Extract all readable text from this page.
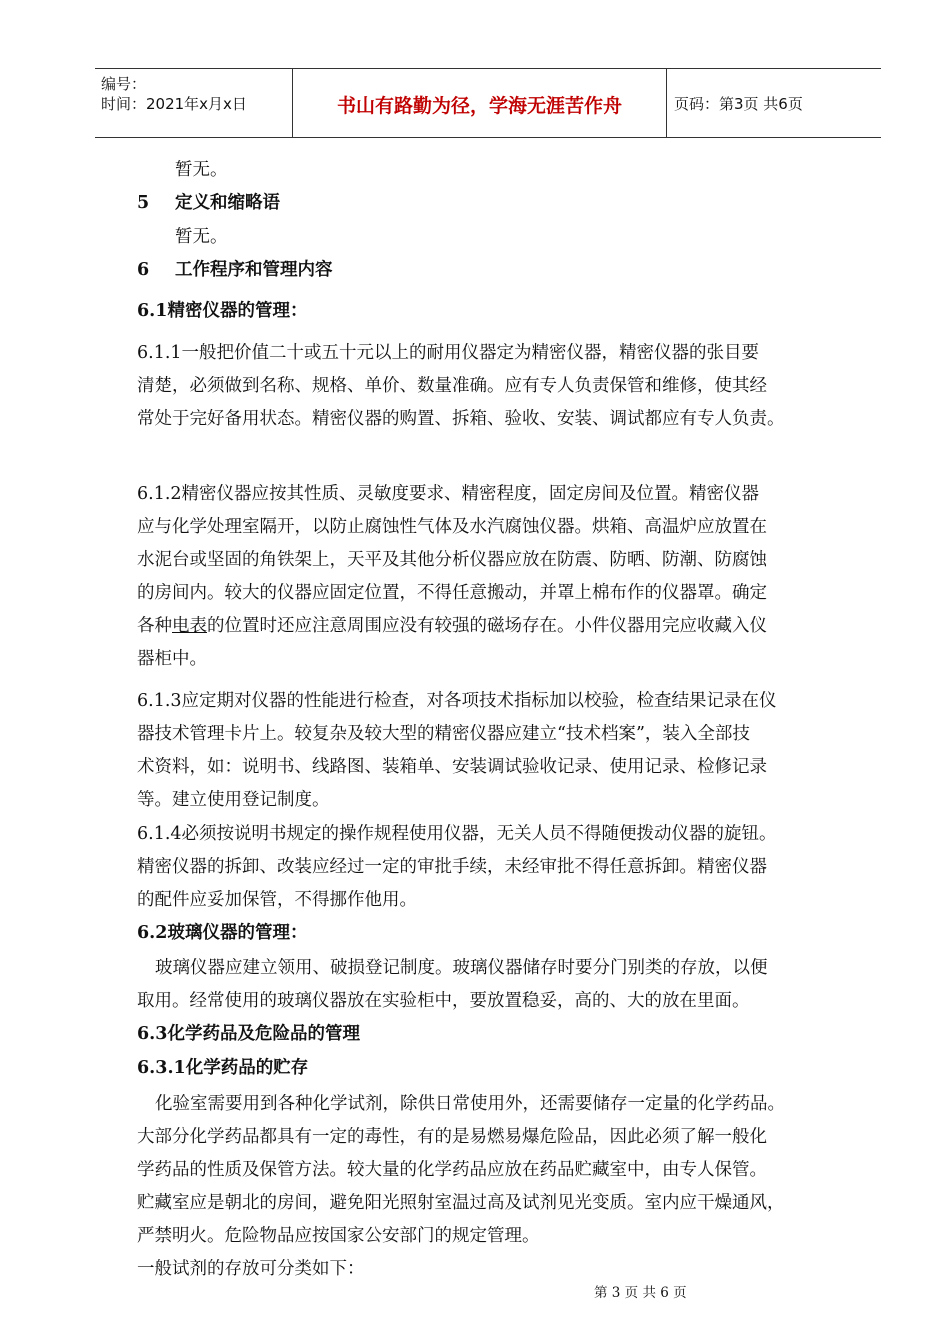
编号：
时间：2021年x月x日	书山有路勤为径，学海无涯苦作舟	页码：第3页 共6页
暂无。
5 定义和缩略语
暂无。
6 工作程序和管理内容
6.1精密仪器的管理：
6.1.1一般把价值二十或五十元以上的耐用仪器定为精密仪器，精密仪器的张目要
清楚，必须做到名称、规格、单价、数量准确。应有专人负责保管和维修，使其经
常处于完好备用状态。精密仪器的购置、拆箱、验收、安装、调试都应有专人负责。
6.1.2精密仪器应按其性质、灵敏度要求、精密程度，固定房间及位置。精密仪器
应与化学处理室隔开，以防止腐蚀性气体及水汽腐蚀仪器。烘箱、高温炉应放置在
水泥台或坚固的角铁架上，天平及其他分析仪器应放在防震、防晒、防潮、防腐蚀
的房间内。较大的仪器应固定位置，不得任意搬动，并罩上棉布作的仪器罩。确定
各种电表的位置时还应注意周围应没有较强的磁场存在。小件仪器用完应收藏入仪
器柜中。
6.1.3应定期对仪器的性能进行检查，对各项技术指标加以校验，检查结果记录在仪
器技术管理卡片上。较复杂及较大型的精密仪器应建立“技术档案”，装入全部技
术资料，如：说明书、线路图、装箱单、安装调试验收记录、使用记录、检修记录
等。建立使用登记制度。
6.1.4必须按说明书规定的操作规程使用仪器，无关人员不得随便拨动仪器的旋钮。
精密仪器的拆卸、改装应经过一定的审批手续，未经审批不得任意拆卸。精密仪器
的配件应妥加保管，不得挪作他用。
6.2玻璃仪器的管理：
玻璃仪器应建立领用、破损登记制度。玻璃仪器储存时要分门别类的存放，以便
取用。经常使用的玻璃仪器放在实验柜中，要放置稳妥，高的、大的放在里面。
6.3化学药品及危险品的管理
6.3.1化学药品的贮存
化验室需要用到各种化学试剂，除供日常使用外，还需要储存一定量的化学药品。
大部分化学药品都具有一定的毒性，有的是易燃易爆危险品，因此必须了解一般化
学药品的性质及保管方法。较大量的化学药品应放在药品贮藏室中，由专人保管。
贮藏室应是朝北的房间，避免阳光照射室温过高及试剂见光变质。室内应干燥通风，
严禁明火。危险物品应按国家公安部门的规定管理。
一般试剂的存放可分类如下：
第 3 页 共 6 页
